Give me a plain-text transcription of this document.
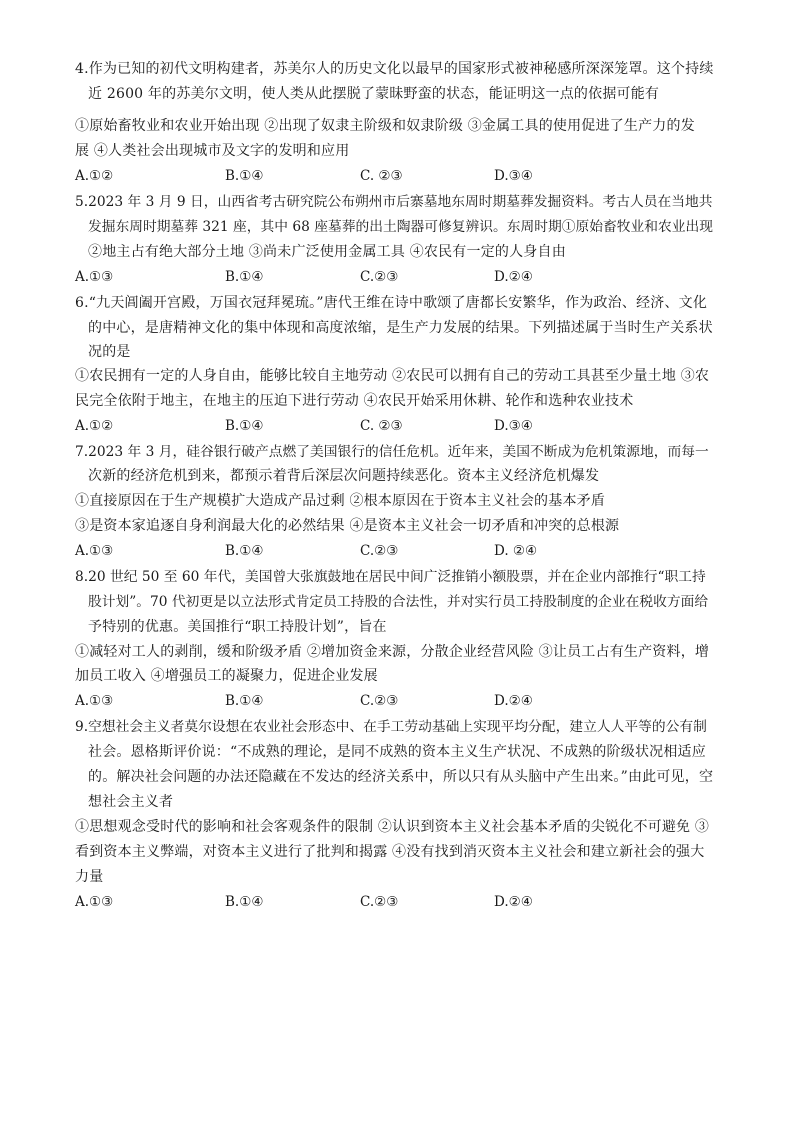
4.作为已知的初代文明构建者，苏美尔人的历史文化以最早的国家形式被神秘感所深深笼罩。这个持续
近 2600 年的苏美尔文明，使人类从此摆脱了蒙昧野蛮的状态，能证明这一点的依据可能有
①原始畜牧业和农业开始出现 ②出现了奴隶主阶级和奴隶阶级 ③金属工具的使用促进了生产力的发
展 ④人类社会出现城市及文字的发明和应用
A.①②	B.①④	C. ②③	D.③④
5.2023 年 3 月 9 日，山西省考古研究院公布朔州市后寨墓地东周时期墓葬发掘资料。考古人员在当地共
发掘东周时期墓葬 321 座，其中 68 座墓葬的出土陶器可修复辨识。东周时期①原始畜牧业和农业出现
②地主占有绝大部分土地 ③尚未广泛使用金属工具 ④农民有一定的人身自由
A.①③	B.①④	C.②③	D.②④
6.“九天阊阖开宫殿，万国衣冠拜冕琉。”唐代王维在诗中歌颂了唐都长安繁华，作为政治、经济、文化
的中心，是唐精神文化的集中体现和高度浓缩，是生产力发展的结果。下列描述属于当时生产关系状
况的是
①农民拥有一定的人身自由，能够比较自主地劳动 ②农民可以拥有自己的劳动工具甚至少量土地 ③农
民完全依附于地主，在地主的压迫下进行劳动 ④农民开始采用休耕、轮作和选种农业技术
A.①②	B.①④	C. ②③	D.③④
7.2023 年 3 月，硅谷银行破产点燃了美国银行的信任危机。近年来，美国不断成为危机策源地，而每一
次新的经济危机到来，都预示着背后深层次问题持续恶化。资本主义经济危机爆发
①直接原因在于生产规模扩大造成产品过剩 ②根本原因在于资本主义社会的基本矛盾
③是资本家追逐自身利润最大化的必然结果 ④是资本主义社会一切矛盾和冲突的总根源
A.①③	B.①④	C.②③	D. ②④
8.20 世纪 50 至 60 年代，美国曾大张旗鼓地在居民中间广泛推销小额股票，并在企业内部推行“职工持
股计划”。70 代初更是以立法形式肯定员工持股的合法性，并对实行员工持股制度的企业在税收方面给
予特别的优惠。美国推行“职工持股计划”，旨在
①减轻对工人的剥削，缓和阶级矛盾 ②增加资金来源，分散企业经营风险 ③让员工占有生产资料，增
加员工收入 ④增强员工的凝聚力，促进企业发展
A.①③	B.①④	C.②③	D.②④
9.空想社会主义者莫尔设想在农业社会形态中、在手工劳动基础上实现平均分配，建立人人平等的公有制
社会。恩格斯评价说：“不成熟的理论，是同不成熟的资本主义生产状况、不成熟的阶级状况相适应
的。解决社会问题的办法还隐藏在不发达的经济关系中，所以只有从头脑中产生出来。”由此可见，空
想社会主义者
①思想观念受时代的影响和社会客观条件的限制 ②认识到资本主义社会基本矛盾的尖锐化不可避免 ③
看到资本主义弊端，对资本主义进行了批判和揭露 ④没有找到消灭资本主义社会和建立新社会的强大
力量
A.①③	B.①④	C.②③	D.②④
